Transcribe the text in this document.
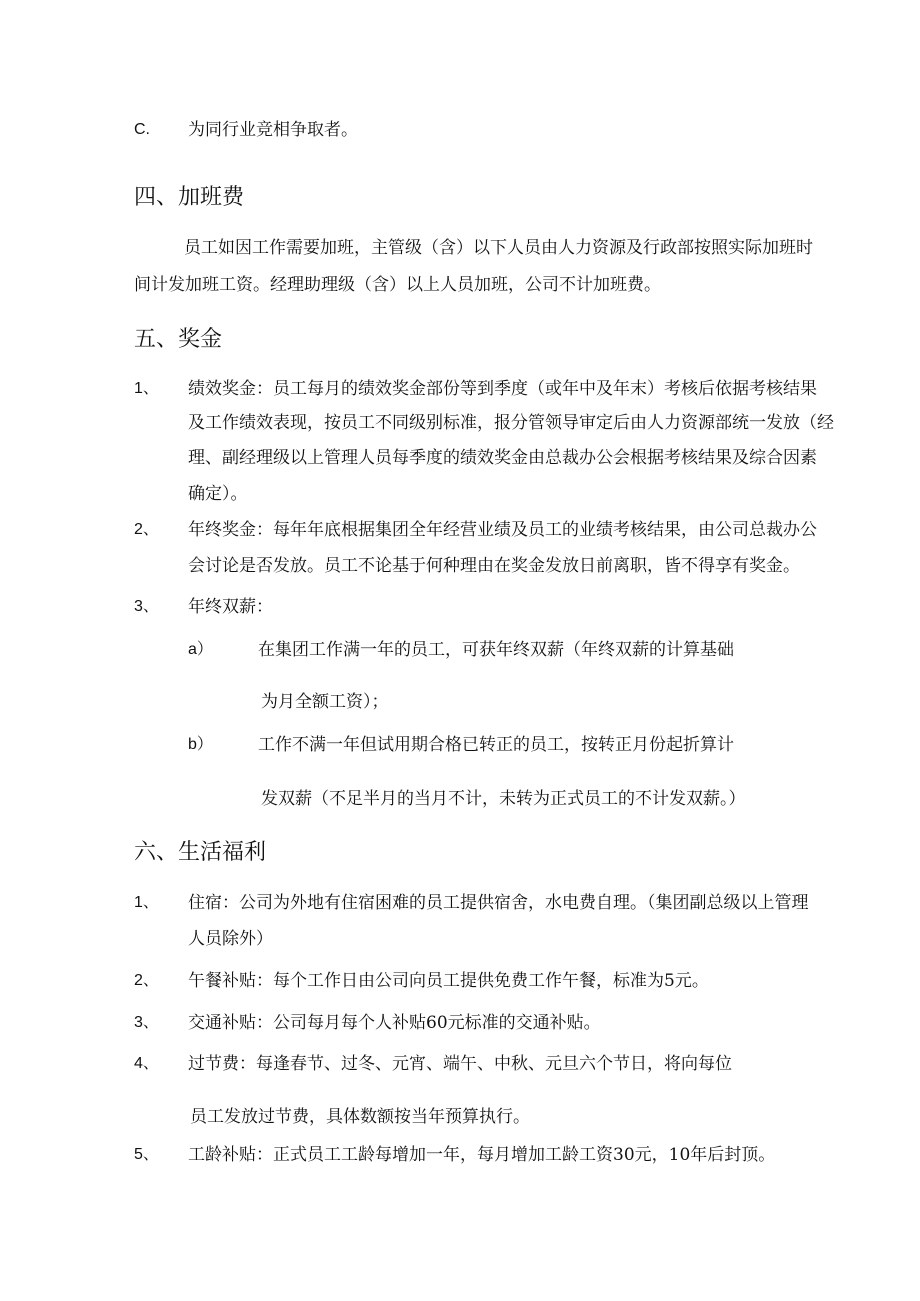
C. 为同行业竞相争取者。
四、加班费
员工如因工作需要加班，主管级（含）以下人员由人力资源及行政部按照实际加班时
间计发加班工资。经理助理级（含）以上人员加班，公司不计加班费。
五、奖金
1、 绩效奖金：员工每月的绩效奖金部份等到季度（或年中及年末）考核后依据考核结果
及工作绩效表现，按员工不同级别标准，报分管领导审定后由人力资源部统一发放（经
理、副经理级以上管理人员每季度的绩效奖金由总裁办公会根据考核结果及综合因素
确定）。
2、 年终奖金：每年年底根据集团全年经营业绩及员工的业绩考核结果，由公司总裁办公
会讨论是否发放。员工不论基于何种理由在奖金发放日前离职，皆不得享有奖金。
3、 年终双薪：
a）	在集团工作满一年的员工，可获年终双薪（年终双薪的计算基础
为月全额工资）；
b）	工作不满一年但试用期合格已转正的员工，按转正月份起折算计
发双薪（不足半月的当月不计，未转为正式员工的不计发双薪。）
六、生活福利
1、 住宿：公司为外地有住宿困难的员工提供宿舍，水电费自理。（集团副总级以上管理
人员除外）
2、 午餐补贴：每个工作日由公司向员工提供免费工作午餐，标准为5元。
3、 交通补贴：公司每月每个人补贴60元标准的交通补贴。
4、 过节费：每逢春节、过冬、元宵、端午、中秋、元旦六个节日，将向每位
员工发放过节费，具体数额按当年预算执行。
5、 工龄补贴：正式员工工龄每增加一年，每月增加工龄工资30元，10年后封顶。
